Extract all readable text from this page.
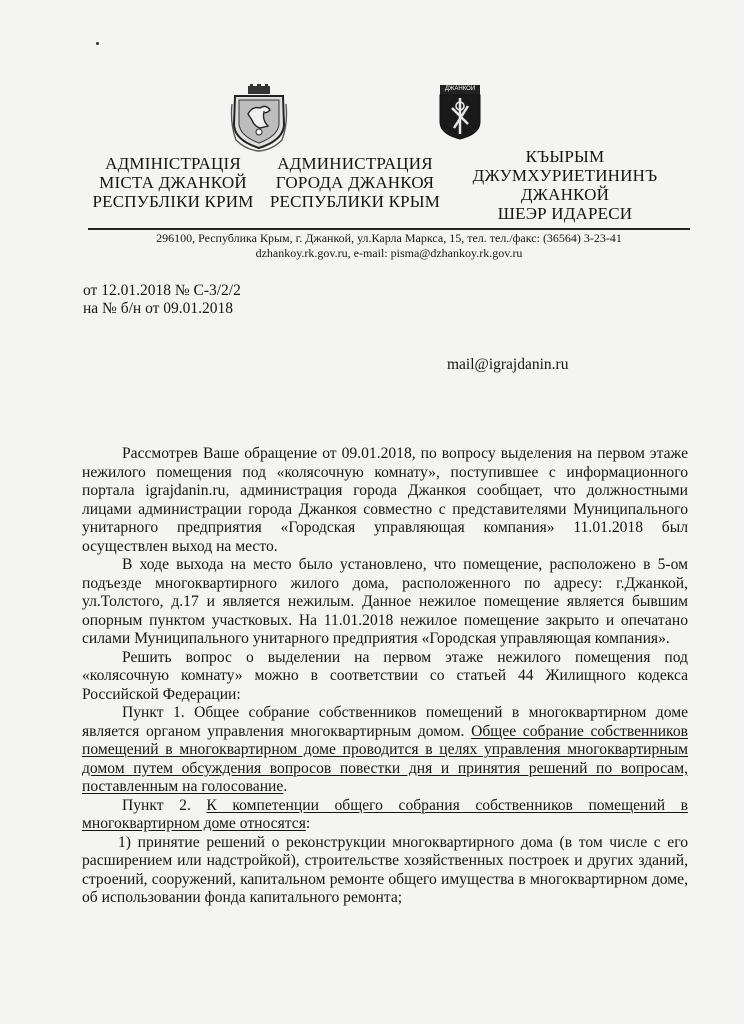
ДЖАНКОЙ
АДМІНІСТРАЦІЯ
МІСТА ДЖАНКОЙ
РЕСПУБЛІКИ КРИМ
АДМИНИСТРАЦИЯ
ГОРОДА ДЖАНКОЯ
РЕСПУБЛИКИ КРЫМ
КЪЫРЫМ
ДЖУМХУРИЕТИНИНЪ
ДЖАНКОЙ
ШЕЭР ИДАРЕСИ
296100, Республика Крым, г. Джанкой, ул.Карла Маркса, 15, тел. тел./факс: (36564) 3-23-41
dzhankoy.rk.gov.ru, e-mail: pisma@dzhankoy.rk.gov.ru
от 12.01.2018 № С-3/2/2
на № б/н от 09.01.2018
mail@igrajdanin.ru

Рассмотрев Ваше обращение от 09.01.2018, по вопросу выделения на первом этаже нежилого помещения под «колясочную комнату», поступившее с информационного портала igrajdanin.ru, администрация города Джанкоя сообщает, что должностными лицами администрации города Джанкоя совместно с представителями Муниципального унитарного предприятия «Городская управляющая компания» 11.01.2018 был осуществлен выход на место.

В ходе выхода на место было установлено, что помещение, расположено в 5-ом подъезде многоквартирного жилого дома, расположенного по адресу: г.Джанкой, ул.Толстого, д.17 и является нежилым. Данное нежилое помещение является бывшим опорным пунктом участковых. На 11.01.2018 нежилое помещение закрыто и опечатано силами Муниципального унитарного предприятия «Городская управляющая компания».

Решить вопрос о выделении на первом этаже нежилого помещения под «колясочную комнату» можно в соответствии со статьей 44 Жилищного кодекса Российской Федерации:

Пункт 1. Общее собрание собственников помещений в многоквартирном доме является органом управления многоквартирным домом. Общее собрание собственников помещений в многоквартирном доме проводится в целях управления многоквартирным домом путем обсуждения вопросов повестки дня и принятия решений по вопросам, поставленным на голосование.

Пункт 2. К компетенции общего собрания собственников помещений в многоквартирном доме относятся:

1) принятие решений о реконструкции многоквартирного дома (в том числе с его расширением или надстройкой), строительстве хозяйственных построек и других зданий, строений, сооружений, капитальном ремонте общего имущества в многоквартирном доме, об использовании фонда капитального ремонта;
